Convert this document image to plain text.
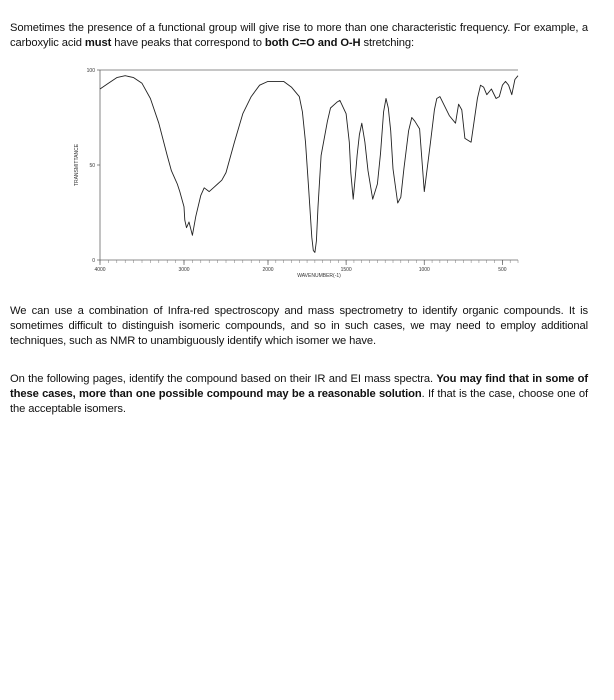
Sometimes the presence of a functional group will give rise to more than one characteristic frequency. For example, a carboxylic acid must have peaks that correspond to both C=O and O-H stretching:

4000	3000	2000	1500	1000	500
100
50
0
WAVENUMBER(-1)
TRANSMITTANCE

We can use a combination of Infra-red spectroscopy and mass spectrometry to identify organic compounds. It is sometimes difficult to distinguish isomeric compounds, and so in such cases, we may need to employ additional techniques, such as NMR to unambiguously identify which isomer we have.

On the following pages, identify the compound based on their IR and EI mass spectra. You may find that in some of these cases, more than one possible compound may be a reasonable solution. If that is the case, choose one of the acceptable isomers.
